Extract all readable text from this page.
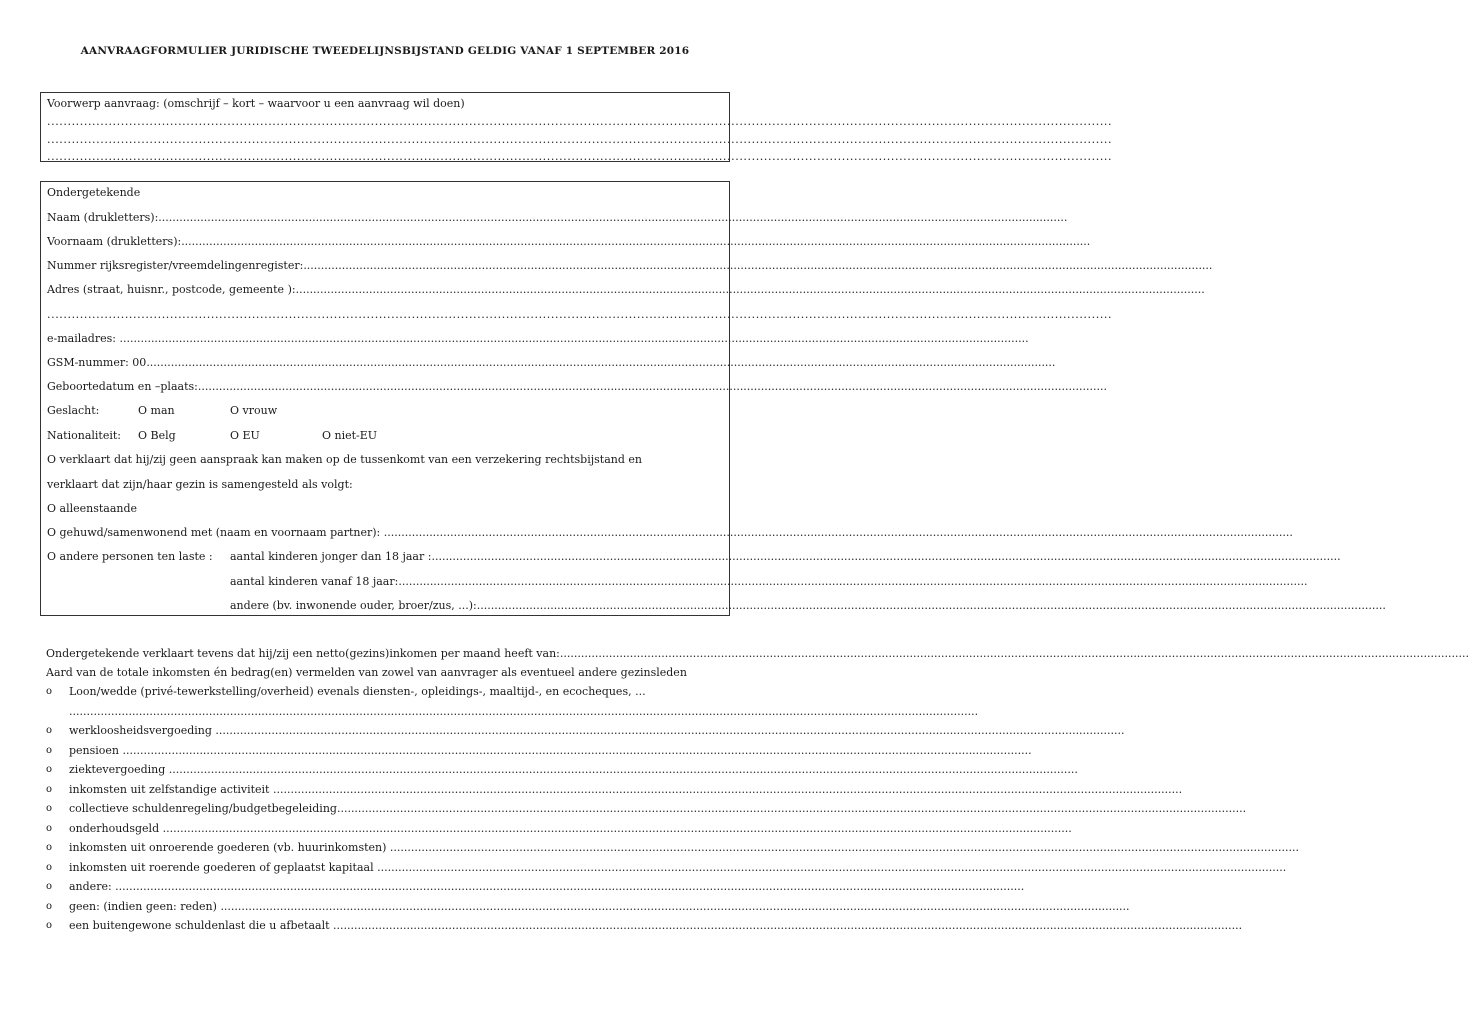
AANVRAAGFORMULIER JURIDISCHE TWEEDELIJNSBIJSTAND GELDIG VANAF 1 SEPTEMBER 2016
Voorwerp aanvraag: (omschrijf – kort – waarvoor u een aanvraag wil doen)
....................................................................................................................................................................................................................................................................
....................................................................................................................................................................................................................................................................
....................................................................................................................................................................................................................................................................
Ondergetekende
Naam (drukletters):....................................................................................................................................................................................................................................................................
Voornaam (drukletters):....................................................................................................................................................................................................................................................................
Nummer rijksregister/vreemdelingenregister:....................................................................................................................................................................................................................................................................
Adres (straat, huisnr., postcode, gemeente ):....................................................................................................................................................................................................................................................................
....................................................................................................................................................................................................................................................................
e-mailadres: ....................................................................................................................................................................................................................................................................
GSM-nummer: 00....................................................................................................................................................................................................................................................................
Geboortedatum en –plaats:....................................................................................................................................................................................................................................................................
Geslacht:	O man	O vrouw
Nationaliteit: O Belg	O EU	O niet-EU
O verklaart dat hij/zij geen aanspraak kan maken op de tussenkomt van een verzekering rechtsbijstand en
verklaart dat zijn/haar gezin is samengesteld als volgt:
O alleenstaande
O gehuwd/samenwonend met (naam en voornaam partner): ....................................................................................................................................................................................................................................................................
O andere personen ten laste : aantal kinderen jonger dan 18 jaar :....................................................................................................................................................................................................................................................................
aantal kinderen vanaf 18 jaar:....................................................................................................................................................................................................................................................................
andere (bv. inwonende ouder, broer/zus, ...):....................................................................................................................................................................................................................................................................
Ondergetekende verklaart tevens dat hij/zij een netto(gezins)inkomen per maand heeft van:....................................................................................................................................................................................................................................................................
Aard van de totale inkomsten én bedrag(en) vermelden van zowel van aanvrager als eventueel andere gezinsleden
o Loon/wedde (privé-tewerkstelling/overheid) evenals diensten-, opleidings-, maaltijd-, en ecocheques, ...
....................................................................................................................................................................................................................................................................
o werkloosheidsvergoeding ....................................................................................................................................................................................................................................................................
o pensioen ....................................................................................................................................................................................................................................................................
o ziektevergoeding ....................................................................................................................................................................................................................................................................
o inkomsten uit zelfstandige activiteit ....................................................................................................................................................................................................................................................................
o collectieve schuldenregeling/budgetbegeleiding....................................................................................................................................................................................................................................................................
o onderhoudsgeld ....................................................................................................................................................................................................................................................................
o inkomsten uit onroerende goederen (vb. huurinkomsten) ....................................................................................................................................................................................................................................................................
o inkomsten uit roerende goederen of geplaatst kapitaal ....................................................................................................................................................................................................................................................................
o andere: ....................................................................................................................................................................................................................................................................
o geen: (indien geen: reden) ....................................................................................................................................................................................................................................................................
o een buitengewone schuldenlast die u afbetaalt ....................................................................................................................................................................................................................................................................
